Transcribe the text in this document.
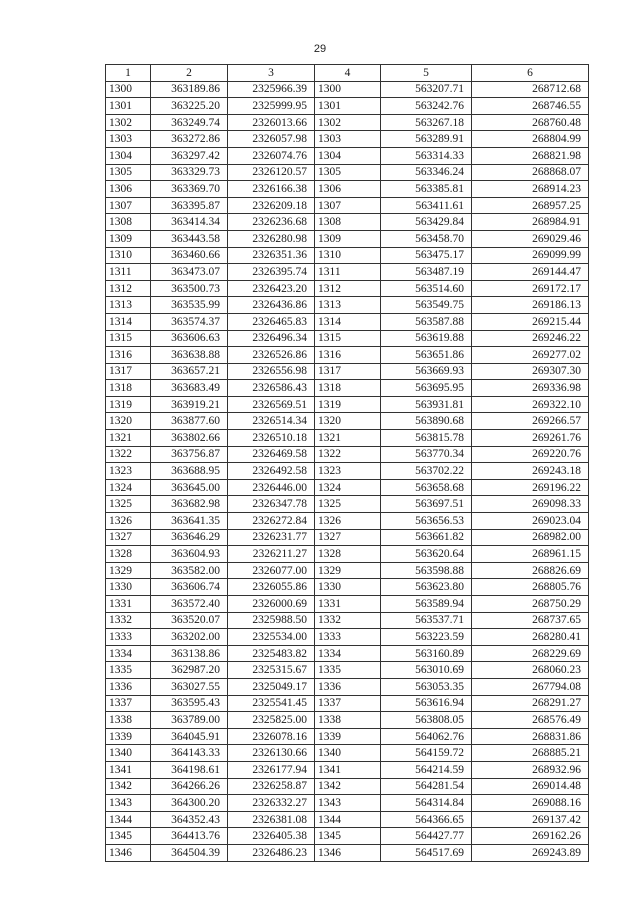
29
1	2	3	4	5	6
1300	363189.86	2325966.39	1300	563207.71	268712.68
1301	363225.20	2325999.95	1301	563242.76	268746.55
1302	363249.74	2326013.66	1302	563267.18	268760.48
1303	363272.86	2326057.98	1303	563289.91	268804.99
1304	363297.42	2326074.76	1304	563314.33	268821.98
1305	363329.73	2326120.57	1305	563346.24	268868.07
1306	363369.70	2326166.38	1306	563385.81	268914.23
1307	363395.87	2326209.18	1307	563411.61	268957.25
1308	363414.34	2326236.68	1308	563429.84	268984.91
1309	363443.58	2326280.98	1309	563458.70	269029.46
1310	363460.66	2326351.36	1310	563475.17	269099.99
1311	363473.07	2326395.74	1311	563487.19	269144.47
1312	363500.73	2326423.20	1312	563514.60	269172.17
1313	363535.99	2326436.86	1313	563549.75	269186.13
1314	363574.37	2326465.83	1314	563587.88	269215.44
1315	363606.63	2326496.34	1315	563619.88	269246.22
1316	363638.88	2326526.86	1316	563651.86	269277.02
1317	363657.21	2326556.98	1317	563669.93	269307.30
1318	363683.49	2326586.43	1318	563695.95	269336.98
1319	363919.21	2326569.51	1319	563931.81	269322.10
1320	363877.60	2326514.34	1320	563890.68	269266.57
1321	363802.66	2326510.18	1321	563815.78	269261.76
1322	363756.87	2326469.58	1322	563770.34	269220.76
1323	363688.95	2326492.58	1323	563702.22	269243.18
1324	363645.00	2326446.00	1324	563658.68	269196.22
1325	363682.98	2326347.78	1325	563697.51	269098.33
1326	363641.35	2326272.84	1326	563656.53	269023.04
1327	363646.29	2326231.77	1327	563661.82	268982.00
1328	363604.93	2326211.27	1328	563620.64	268961.15
1329	363582.00	2326077.00	1329	563598.88	268826.69
1330	363606.74	2326055.86	1330	563623.80	268805.76
1331	363572.40	2326000.69	1331	563589.94	268750.29
1332	363520.07	2325988.50	1332	563537.71	268737.65
1333	363202.00	2325534.00	1333	563223.59	268280.41
1334	363138.86	2325483.82	1334	563160.89	268229.69
1335	362987.20	2325315.67	1335	563010.69	268060.23
1336	363027.55	2325049.17	1336	563053.35	267794.08
1337	363595.43	2325541.45	1337	563616.94	268291.27
1338	363789.00	2325825.00	1338	563808.05	268576.49
1339	364045.91	2326078.16	1339	564062.76	268831.86
1340	364143.33	2326130.66	1340	564159.72	268885.21
1341	364198.61	2326177.94	1341	564214.59	268932.96
1342	364266.26	2326258.87	1342	564281.54	269014.48
1343	364300.20	2326332.27	1343	564314.84	269088.16
1344	364352.43	2326381.08	1344	564366.65	269137.42
1345	364413.76	2326405.38	1345	564427.77	269162.26
1346	364504.39	2326486.23	1346	564517.69	269243.89
